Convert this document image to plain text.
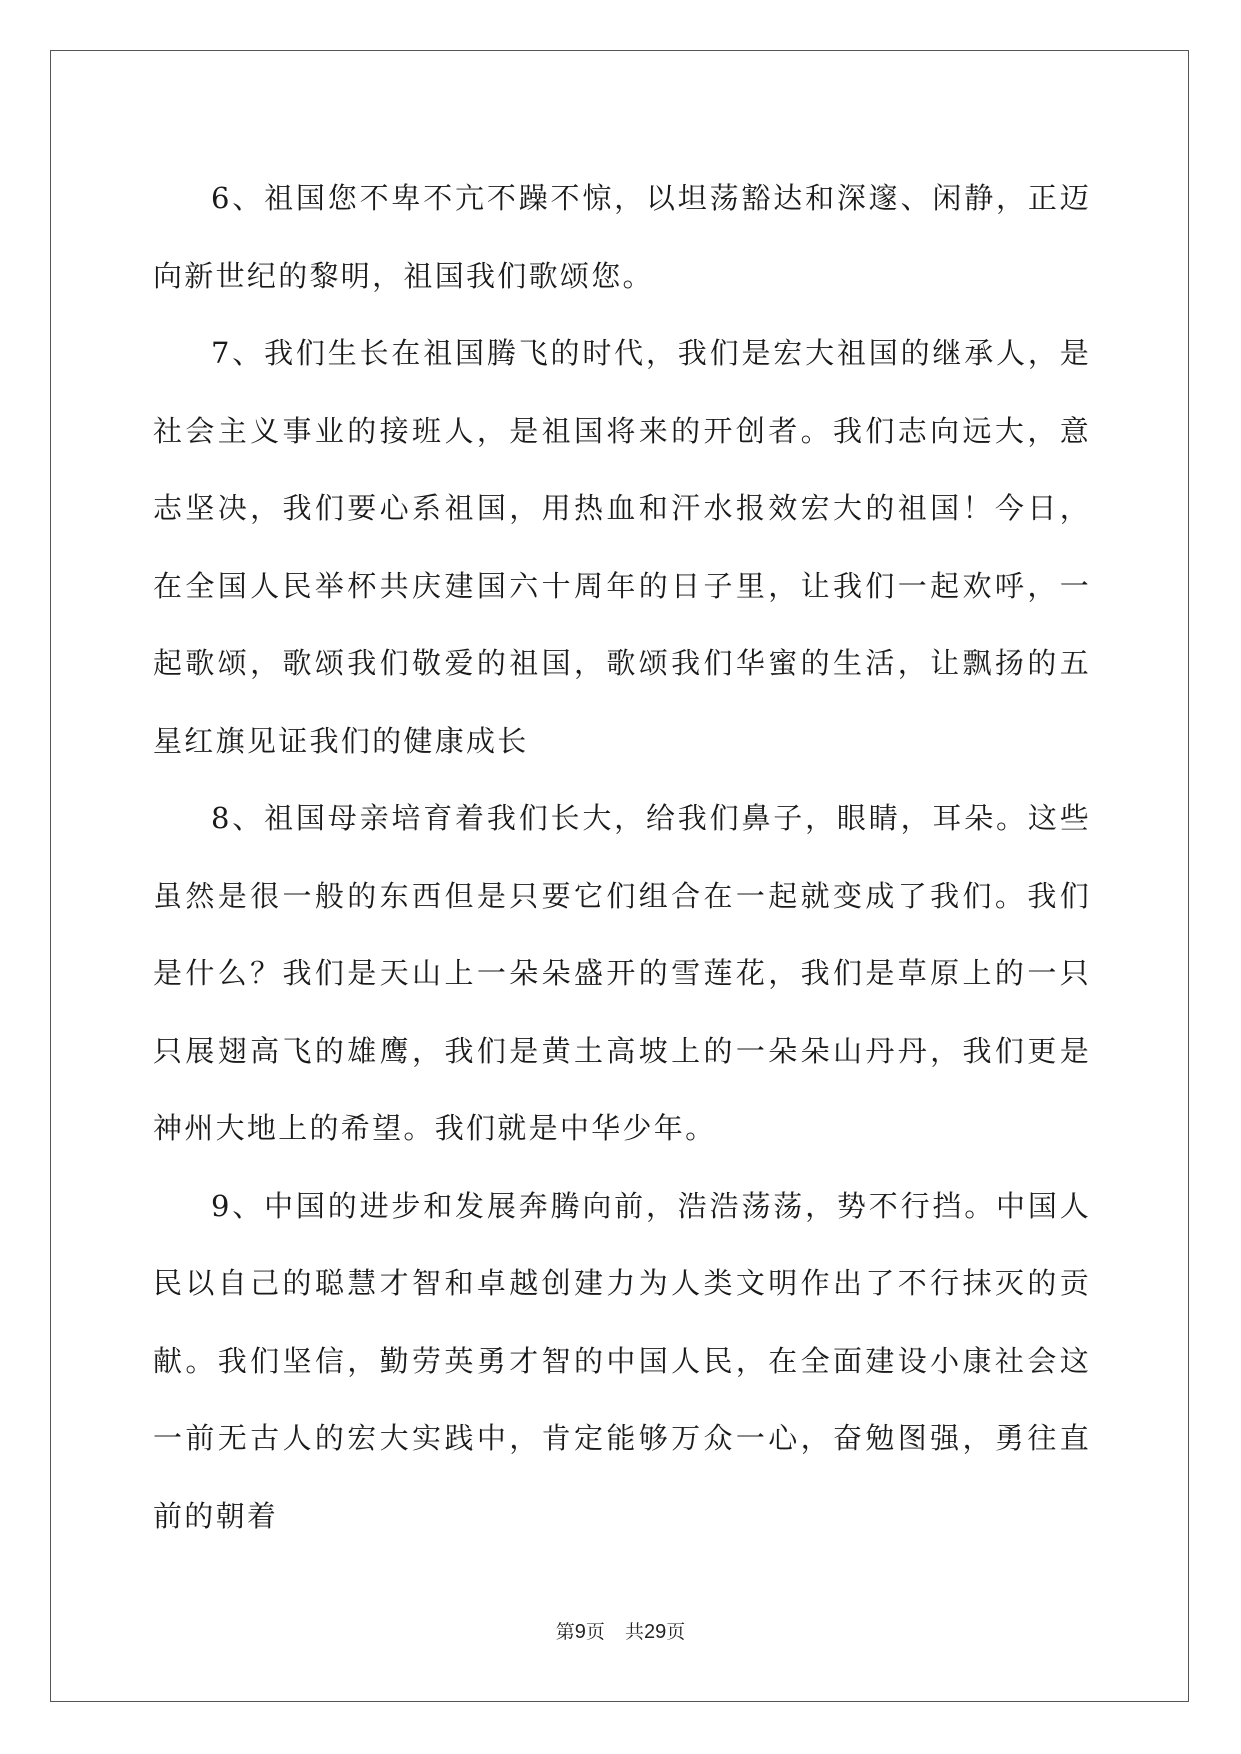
6、祖国您不卑不亢不躁不惊，以坦荡豁达和深邃、闲静，正迈向新世纪的黎明，祖国我们歌颂您。

7、我们生长在祖国腾飞的时代，我们是宏大祖国的继承人，是社会主义事业的接班人，是祖国将来的开创者。我们志向远大，意志坚决，我们要心系祖国，用热血和汗水报效宏大的祖国！今日，在全国人民举杯共庆建国六十周年的日子里，让我们一起欢呼，一起歌颂，歌颂我们敬爱的祖国，歌颂我们华蜜的生活，让飘扬的五星红旗见证我们的健康成长

8、祖国母亲培育着我们长大，给我们鼻子，眼睛，耳朵。这些虽然是很一般的东西但是只要它们组合在一起就变成了我们。我们是什么？我们是天山上一朵朵盛开的雪莲花，我们是草原上的一只只展翅高飞的雄鹰，我们是黄土高坡上的一朵朵山丹丹，我们更是神州大地上的希望。我们就是中华少年。

9、中国的进步和发展奔腾向前，浩浩荡荡，势不行挡。中国人民以自己的聪慧才智和卓越创建力为人类文明作出了不行抹灭的贡献。我们坚信，勤劳英勇才智的中国人民，在全面建设小康社会这一前无古人的宏大实践中，肯定能够万众一心，奋勉图强，勇往直前的朝着

第9页 共29页
